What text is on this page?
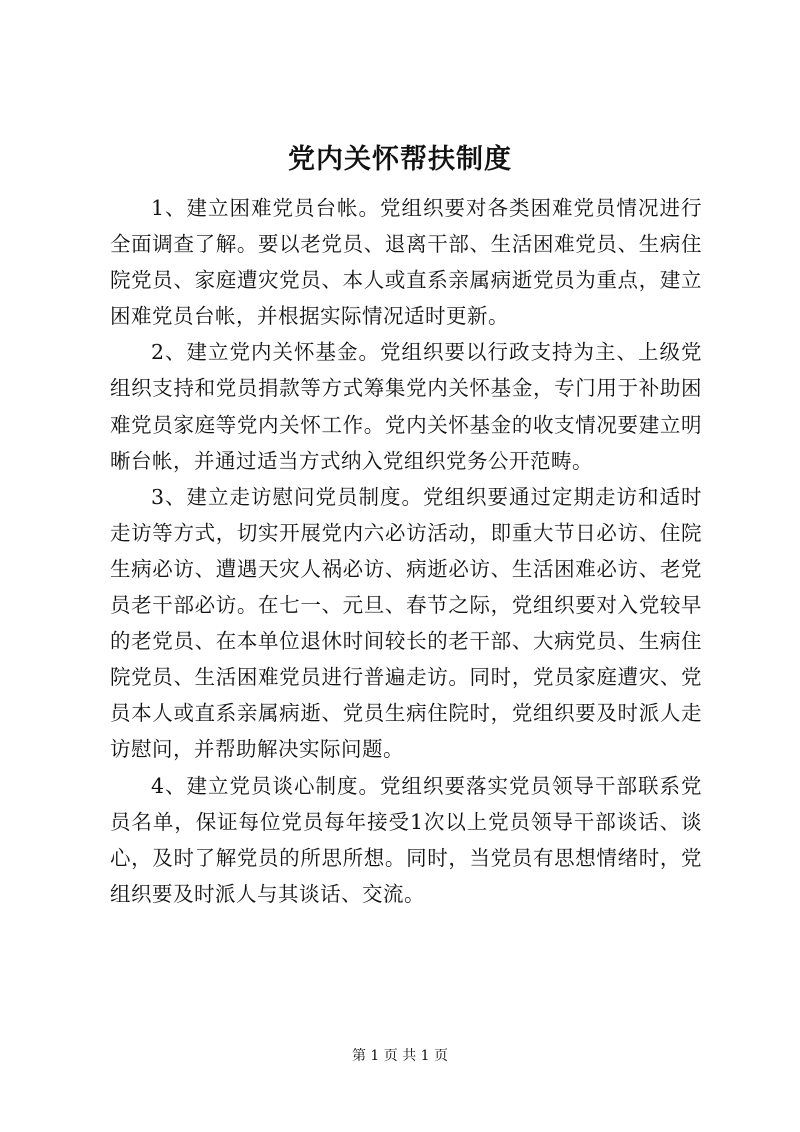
党内关怀帮扶制度

1、建立困难党员台帐。党组织要对各类困难党员情况进行全面调查了解。要以老党员、退离干部、生活困难党员、生病住院党员、家庭遭灾党员、本人或直系亲属病逝党员为重点，建立困难党员台帐，并根据实际情况适时更新。

2、建立党内关怀基金。党组织要以行政支持为主、上级党组织支持和党员捐款等方式筹集党内关怀基金，专门用于补助困难党员家庭等党内关怀工作。党内关怀基金的收支情况要建立明晰台帐，并通过适当方式纳入党组织党务公开范畴。

3、建立走访慰问党员制度。党组织要通过定期走访和适时走访等方式，切实开展党内六必访活动，即重大节日必访、住院生病必访、遭遇天灾人祸必访、病逝必访、生活困难必访、老党员老干部必访。在七一、元旦、春节之际，党组织要对入党较早的老党员、在本单位退休时间较长的老干部、大病党员、生病住院党员、生活困难党员进行普遍走访。同时，党员家庭遭灾、党员本人或直系亲属病逝、党员生病住院时，党组织要及时派人走访慰问，并帮助解决实际问题。

4、建立党员谈心制度。党组织要落实党员领导干部联系党员名单，保证每位党员每年接受1次以上党员领导干部谈话、谈心，及时了解党员的所思所想。同时，当党员有思想情绪时，党组织要及时派人与其谈话、交流。

第 1 页 共 1 页
